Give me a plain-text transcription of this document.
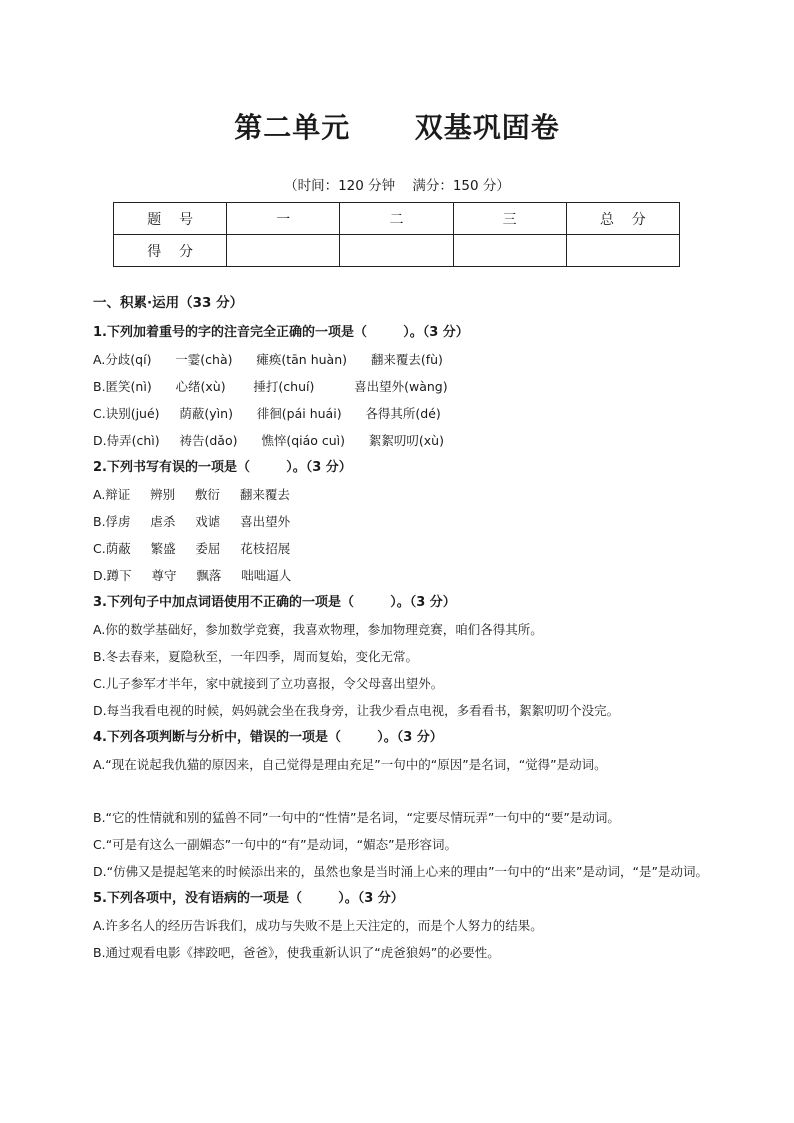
第二单元      双基巩固卷
（时间：120 分钟    满分：150 分）
题    号	一	二	三	总    分
得    分				
一、积累·运用（33 分）
1.下列加着重号的字的注音完全正确的一项是（        ）。（3 分）
A.分歧(qí)      一霎(chà)      瘫痪(tān huàn)      翻来覆去(fù)
B.匿笑(nì)      心绪(xù)       捶打(chuí)          喜出望外(wàng)
C.诀别(jué)     荫蔽(yìn)      徘徊(pái huái)      各得其所(dé)
D.侍弄(chì)     祷告(dǎo)      憔悴(qiáo cuì)      絮絮叨叨(xù)
2.下列书写有误的一项是（        ）。（3 分）
A.辩证     辨别     敷衍     翻来覆去
B.俘虏     虐杀     戏谑     喜出望外
C.荫蔽     繁盛     委屈     花枝招展
D.蹲下     尊守     飘落     咄咄逼人
3.下列句子中加点词语使用不正确的一项是（        ）。（3 分）
A.你的数学基础好，参加数学竞赛，我喜欢物理，参加物理竞赛，咱们各得其所。
B.冬去春来，夏隐秋至，一年四季，周而复始，变化无常。
C.儿子参军才半年，家中就接到了立功喜报，令父母喜出望外。
D.每当我看电视的时候，妈妈就会坐在我身旁，让我少看点电视，多看看书，絮絮叨叨个没完。
4.下列各项判断与分析中，错误的一项是（        ）。（3 分）
A.“现在说起我仇猫的原因来，自己觉得是理由充足”一句中的“原因”是名词，“觉得”是动词。
B.“它的性情就和别的猛兽不同”一句中的“性情”是名词，“定要尽情玩弄”一句中的“要”是动词。
C.“可是有这么一副媚态”一句中的“有”是动词，“媚态”是形容词。
D.“仿佛又是提起笔来的时候添出来的，虽然也象是当时涌上心来的理由”一句中的“出来”是动词，“是”是动词。
5.下列各项中，没有语病的一项是（        ）。（3 分）
A.许多名人的经历告诉我们，成功与失败不是上天注定的，而是个人努力的结果。
B.通过观看电影《摔跤吧，爸爸》，使我重新认识了“虎爸狼妈”的必要性。
